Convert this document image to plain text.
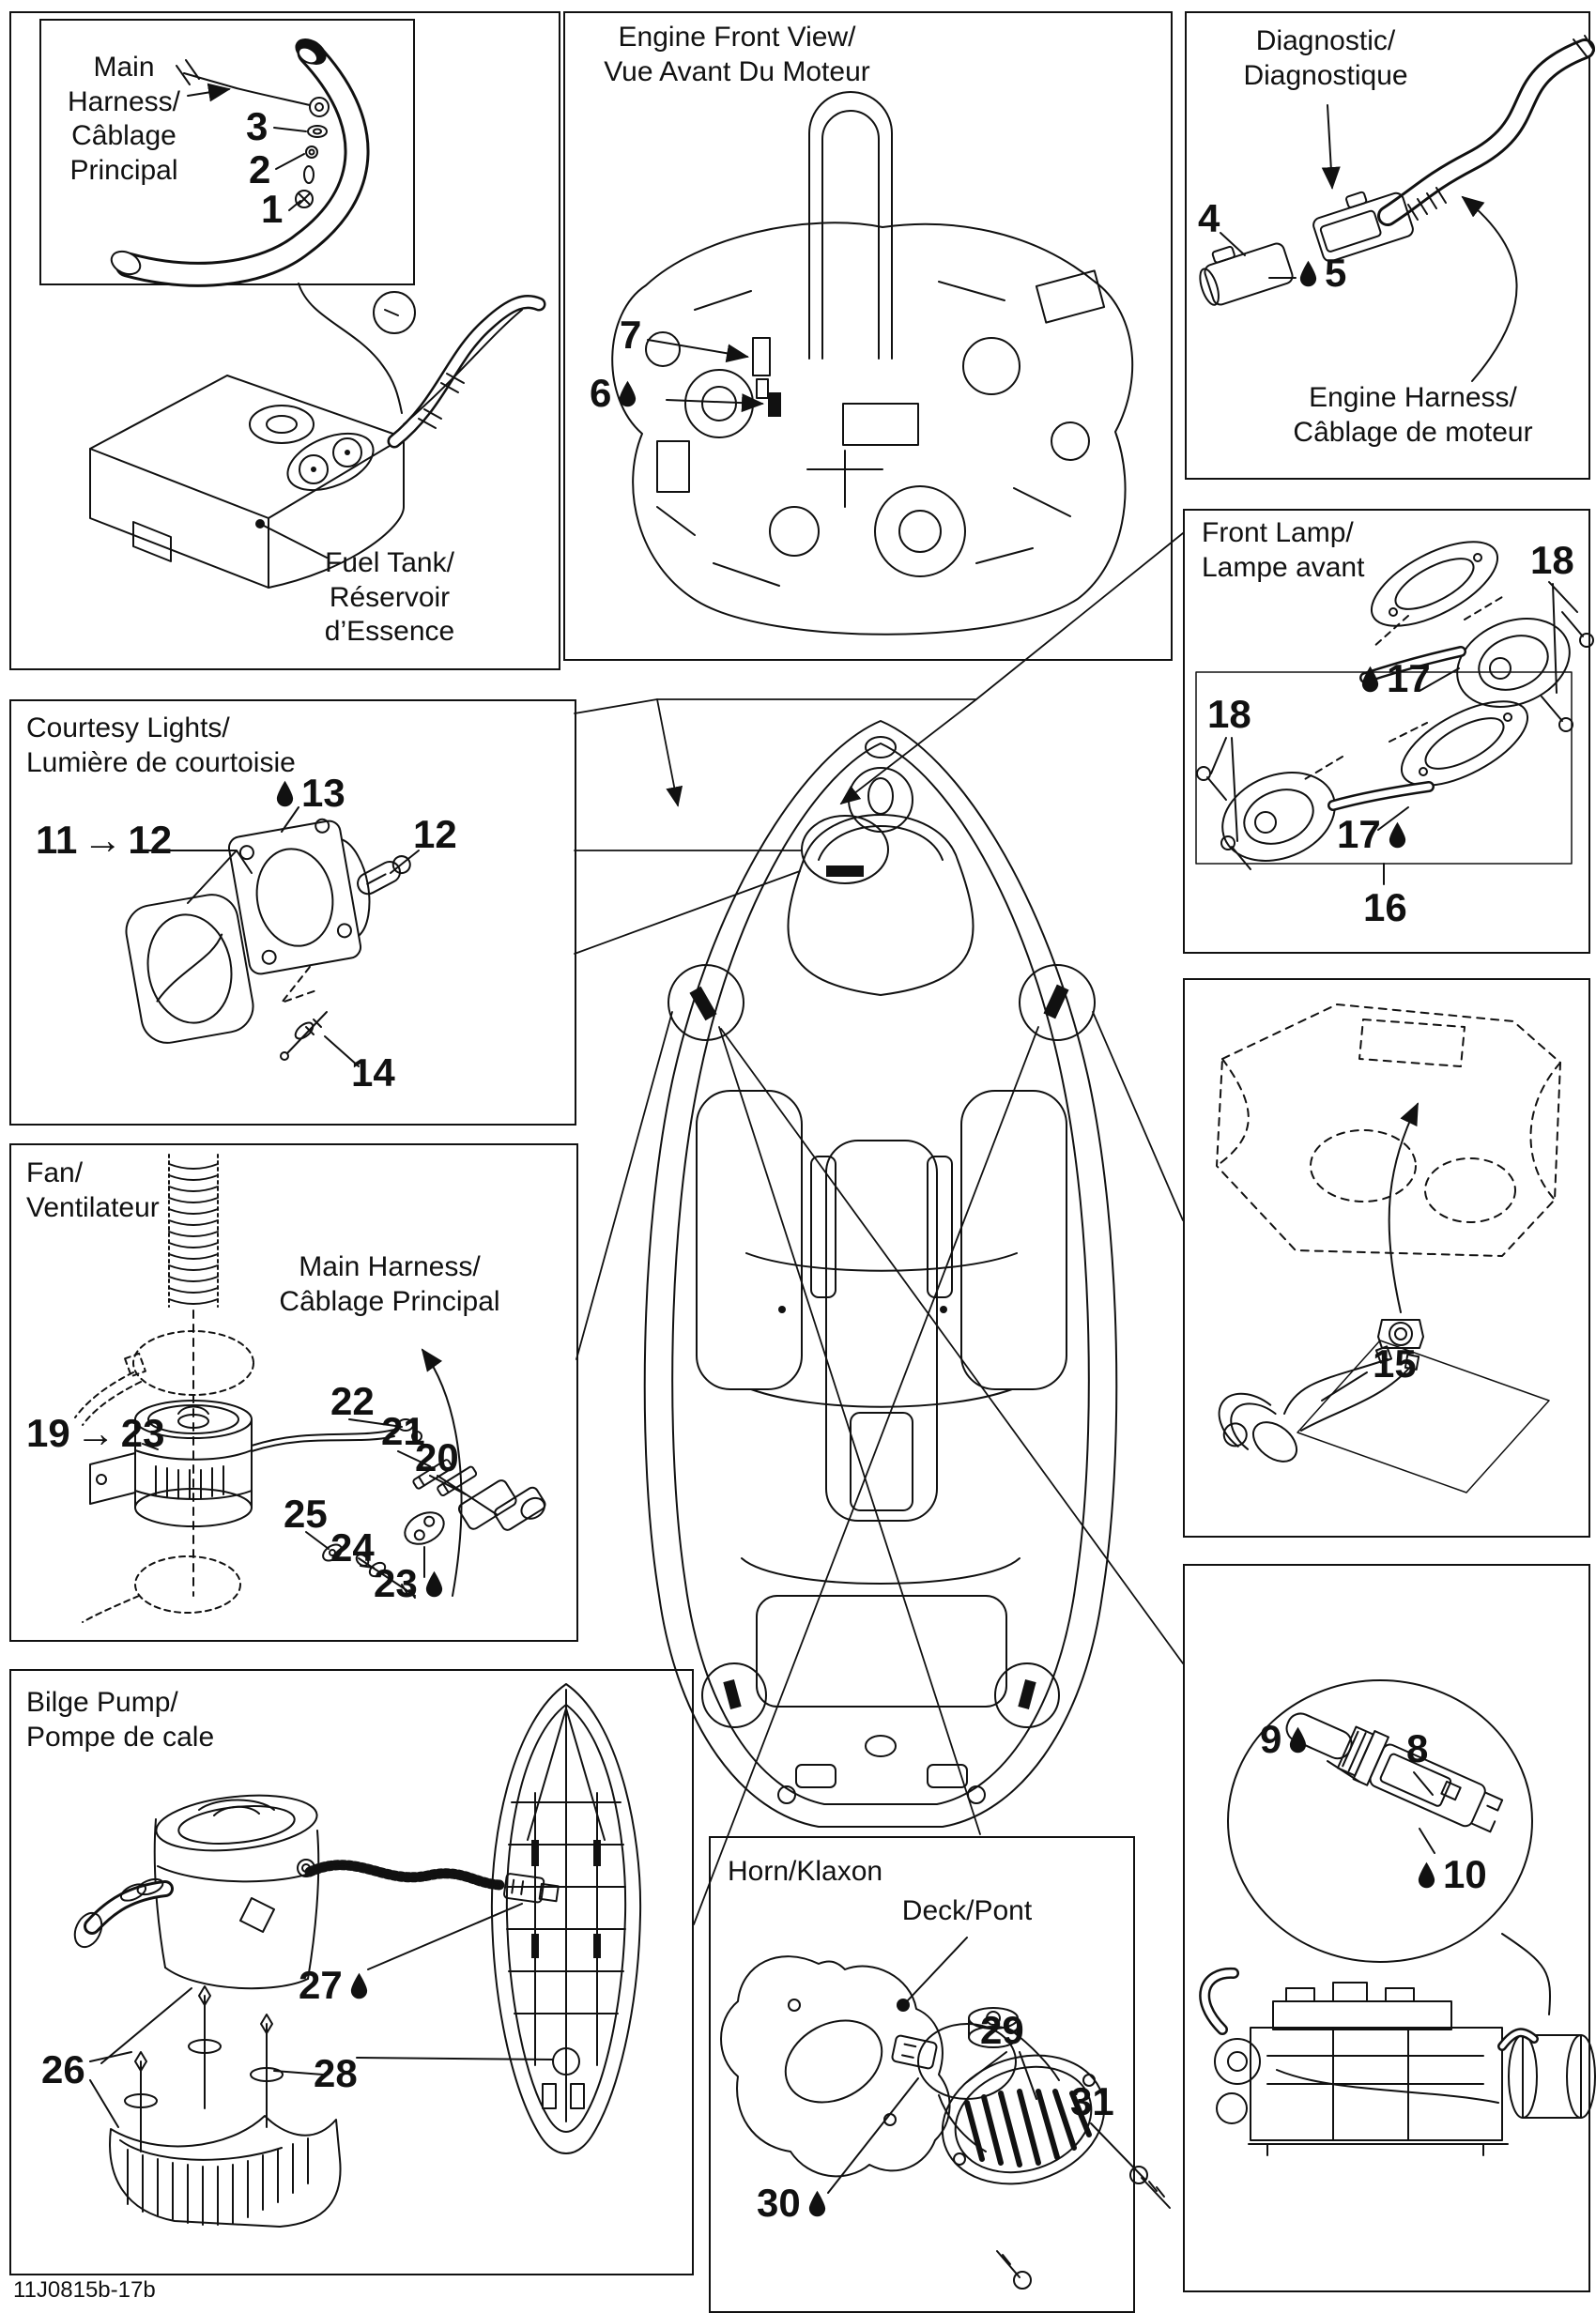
Main
Harness/
Câblage
Principal
3
2
1
Fuel Tank/
Réservoir
d’Essence
Engine Front View/
Vue Avant Du Moteur
7
6
Diagnostic/
Diagnostique
4
5
Engine Harness/
Câblage de moteur
Front Lamp/
Lampe avant	18
17
18
17
16
15
9	8
10
Courtesy Lights/
Lumière de courtoisie
11 → 12
13
12
14
Fan/
Ventilateur
Main Harness/
Câblage Principal
19 → 23
22
21
20
25
24
23
Bilge Pump/
Pompe de cale
27
26	28
Horn/Klaxon
Deck/Pont
29
31
30
11J0815b-17b
